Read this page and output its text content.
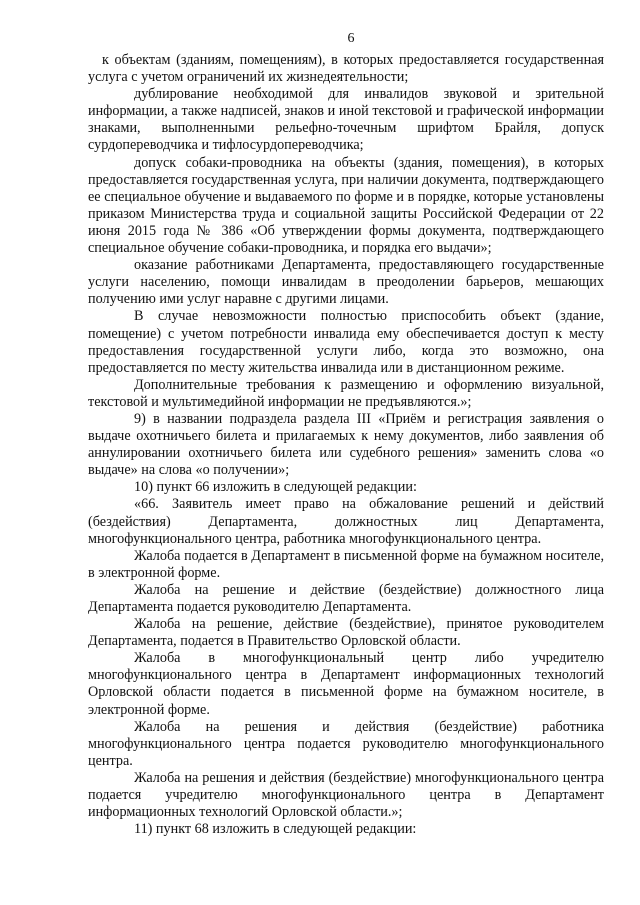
6

к объектам (зданиям, помещениям), в которых предоставляется государственная услуга с учетом ограничений их жизнедеятельности;

дублирование необходимой для инвалидов звуковой и зрительной информации, а также надписей, знаков и иной текстовой и графической информации знаками, выполненными рельефно-точечным шрифтом Брайля, допуск сурдопереводчика и тифлосурдопереводчика;

допуск собаки-проводника на объекты (здания, помещения), в которых предоставляется государственная услуга, при наличии документа, подтверждающего ее специальное обучение и выдаваемого по форме и в порядке, которые установлены приказом Министерства труда и социальной защиты Российской Федерации от 22 июня 2015 года № 386 «Об утверждении формы документа, подтверждающего специальное обучение собаки-проводника, и порядка его выдачи»;

оказание работниками Департамента, предоставляющего государственные услуги населению, помощи инвалидам в преодолении барьеров, мешающих получению ими услуг наравне с другими лицами.

В случае невозможности полностью приспособить объект (здание, помещение) с учетом потребности инвалида ему обеспечивается доступ к месту предоставления государственной услуги либо, когда это возможно, она предоставляется по месту жительства инвалида или в дистанционном режиме.

Дополнительные требования к размещению и оформлению визуальной, текстовой и мультимедийной информации не предъявляются.»;

9) в названии подраздела раздела III «Приём и регистрация заявления о выдаче охотничьего билета и прилагаемых к нему документов, либо заявления об аннулировании охотничьего билета или судебного решения» заменить слова «о выдаче» на слова «о получении»;

10) пункт 66 изложить в следующей редакции:

«66. Заявитель имеет право на обжалование решений и действий (бездействия) Департамента, должностных лиц Департамента, многофункционального центра, работника многофункционального центра.

Жалоба подается в Департамент в письменной форме на бумажном носителе, в электронной форме.

Жалоба на решение и действие (бездействие) должностного лица Департамента подается руководителю Департамента.

Жалоба на решение, действие (бездействие), принятое руководителем Департамента, подается в Правительство Орловской области.

Жалоба в многофункциональный центр либо учредителю многофункционального центра в Департамент информационных технологий Орловской области подается в письменной форме на бумажном носителе, в электронной форме.

Жалоба на решения и действия (бездействие) работника многофункционального центра подается руководителю многофункционального центра.

Жалоба на решения и действия (бездействие) многофункционального центра подается учредителю многофункционального центра в Департамент информационных технологий Орловской области.»;

11) пункт 68 изложить в следующей редакции:
